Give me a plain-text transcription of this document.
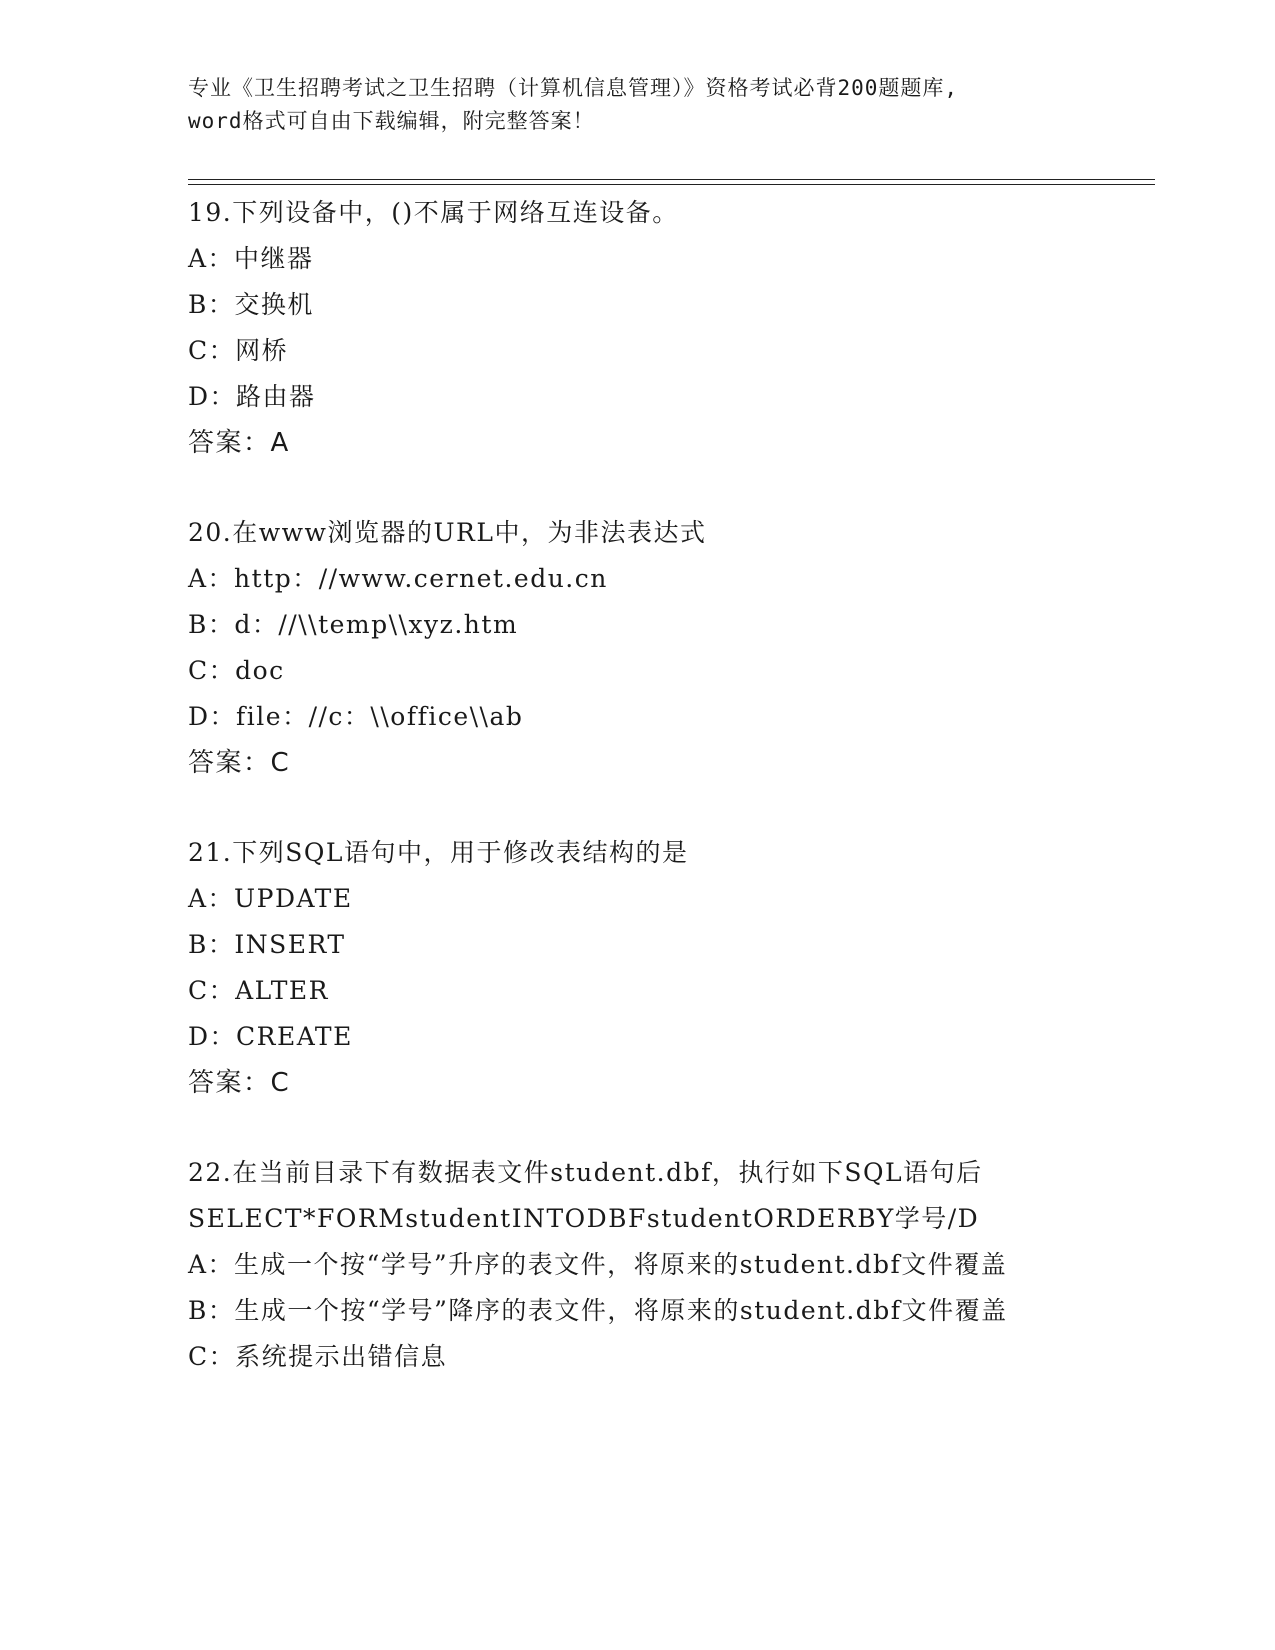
专业《卫生招聘考试之卫生招聘（计算机信息管理）》资格考试必背200题题库,
word格式可自由下载编辑，附完整答案！

19.下列设备中，()不属于网络互连设备。

A：中继器

B：交换机

C：网桥

D：路由器

答案：A

20.在www浏览器的URL中，为非法表达式

A：http：//www.cernet.edu.cn

B：d：//\\temp\\xyz.htm

C：doc

D：file：//c：\\office\\ab

答案：C

21.下列SQL语句中，用于修改表结构的是

A：UPDATE

B：INSERT

C：ALTER

D：CREATE

答案：C

22.在当前目录下有数据表文件student.dbf，执行如下SQL语句后

SELECT*FORMstudentINTODBFstudentORDERBY学号/D

A：生成一个按“学号”升序的表文件，将原来的student.dbf文件覆盖

B：生成一个按“学号”降序的表文件，将原来的student.dbf文件覆盖

C：系统提示出错信息
